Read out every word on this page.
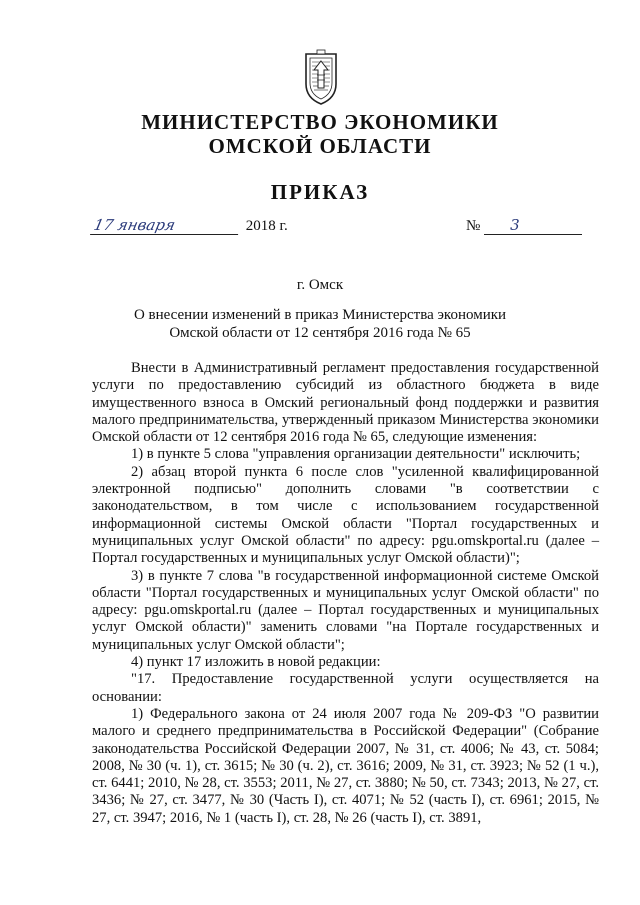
МИНИСТЕРСТВО ЭКОНОМИКИ
ОМСКОЙ ОБЛАСТИ
ПРИКАЗ
17 января	2018 г.	№ 3
г. Омск
О внесении изменений в приказ Министерства экономики
Омской области от 12 сентября 2016 года № 65

Внести в Административный регламент предоставления государственной услуги по предоставлению субсидий из областного бюджета в виде имущественного взноса в Омский региональный фонд поддержки и развития малого предпринимательства, утвержденный приказом Министерства экономики Омской области от 12 сентября 2016 года № 65, следующие изменения:

1) в пункте 5 слова "управления организации деятельности" исключить;

2) абзац второй пункта 6 после слов "усиленной квалифицированной электронной подписью" дополнить словами "в соответствии с законодательством, в том числе с использованием государственной информационной системы Омской области "Портал государственных и муниципальных услуг Омской области" по адресу: pgu.omskportal.ru (далее – Портал государственных и муниципальных услуг Омской области)";

3) в пункте 7 слова "в государственной информационной системе Омской области "Портал государственных и муниципальных услуг Омской области" по адресу: pgu.omskportal.ru (далее – Портал государственных и муниципальных услуг Омской области)" заменить словами "на Портале государственных и муниципальных услуг Омской области";

4) пункт 17 изложить в новой редакции:

"17. Предоставление государственной услуги осуществляется на основании:

1) Федерального закона от 24 июля 2007 года № 209-ФЗ "О развитии малого и среднего предпринимательства в Российской Федерации" (Собрание законодательства Российской Федерации 2007, № 31, ст. 4006; № 43, ст. 5084; 2008, № 30 (ч. 1), ст. 3615; № 30 (ч. 2), ст. 3616; 2009, № 31, ст. 3923; № 52 (1 ч.), ст. 6441; 2010, № 28, ст. 3553; 2011, № 27, ст. 3880; № 50, ст. 7343; 2013, № 27, ст. 3436; № 27, ст. 3477, № 30 (Часть I), ст. 4071; № 52 (часть I), ст. 6961; 2015, № 27, ст. 3947; 2016, № 1 (часть I), ст. 28, № 26 (часть I), ст. 3891,
